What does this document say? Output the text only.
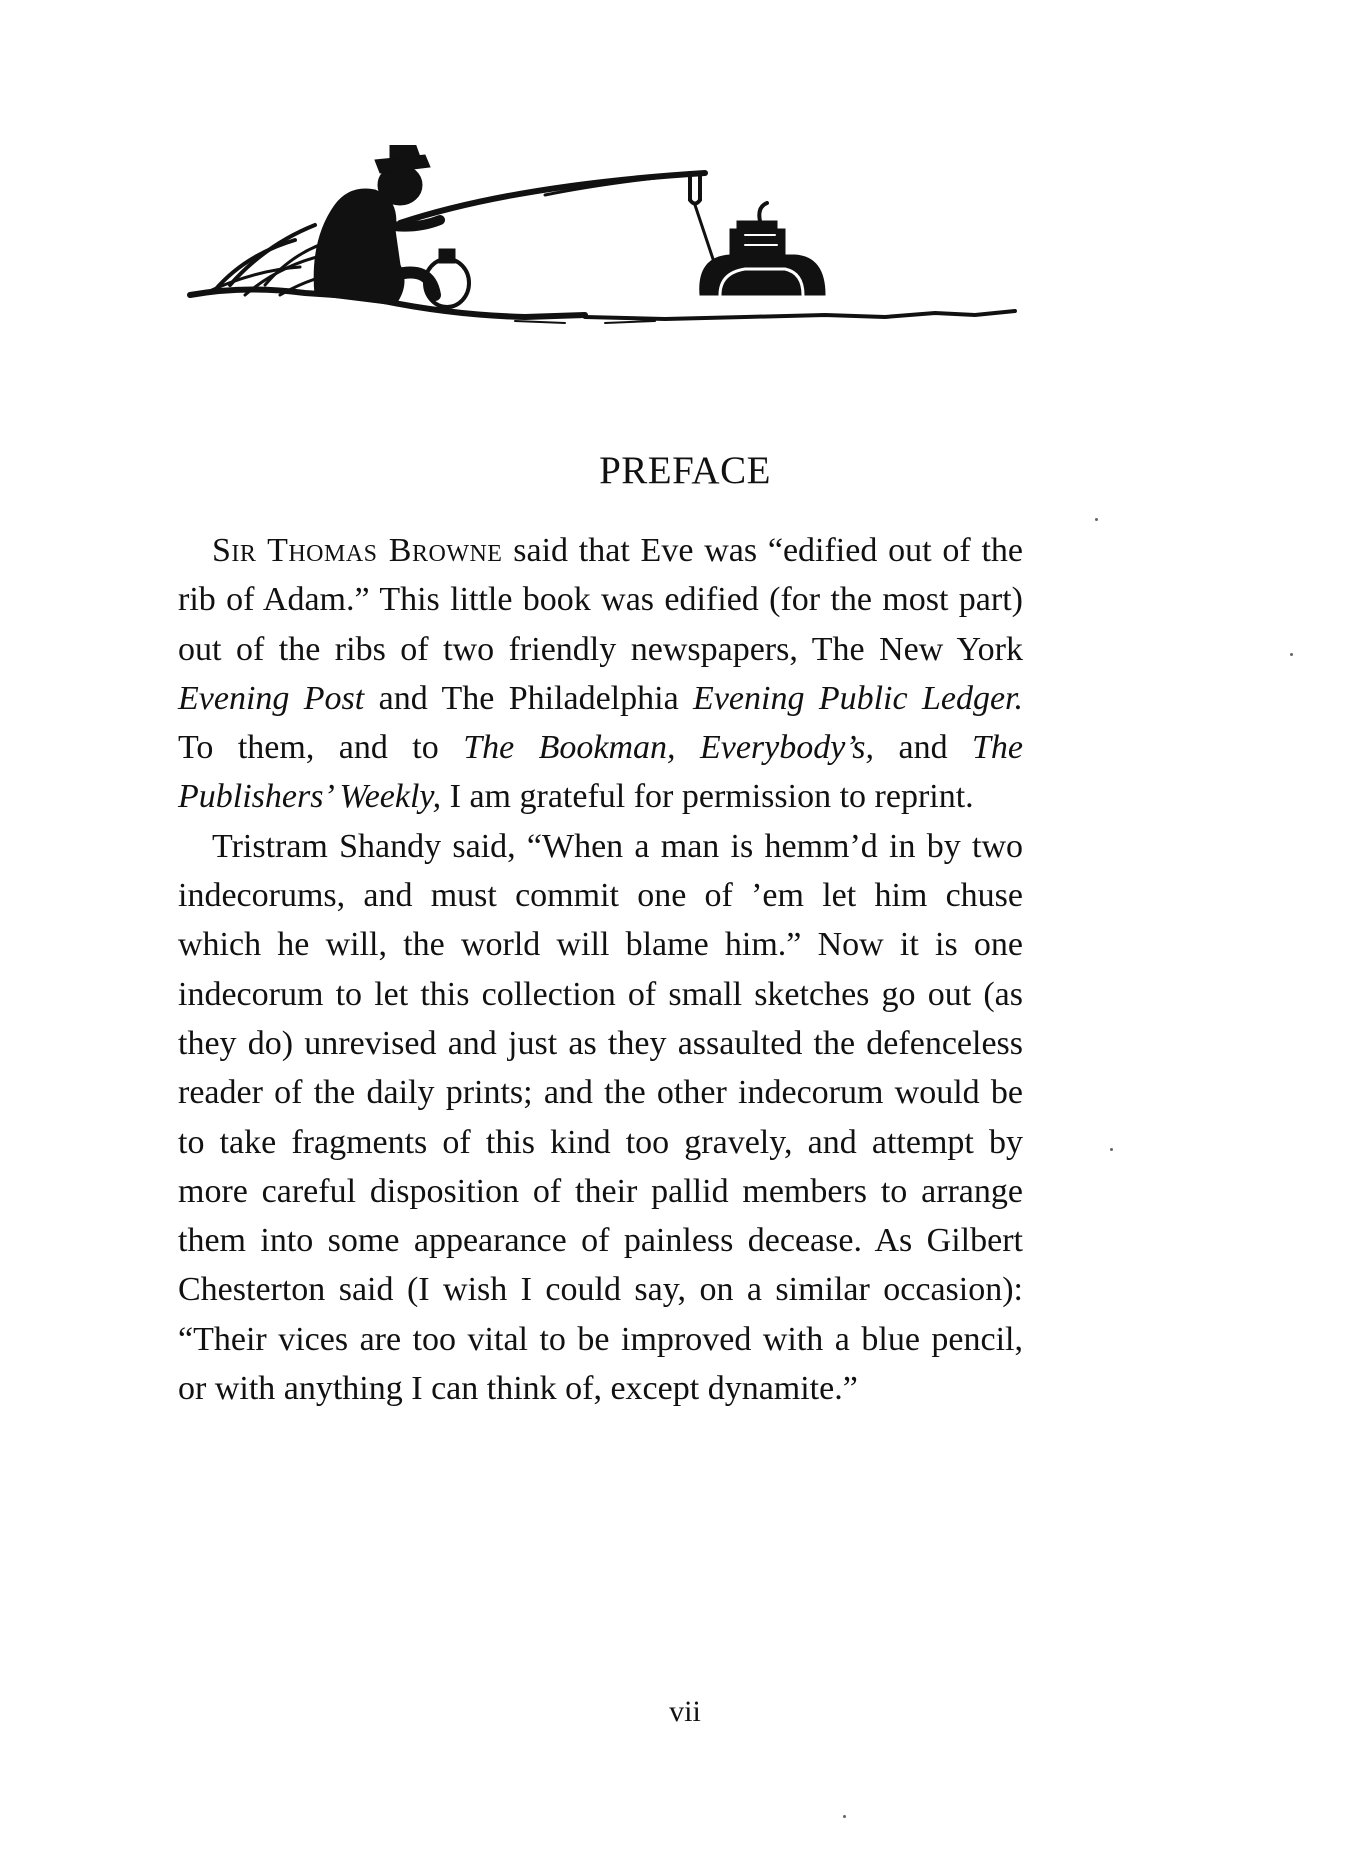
PREFACE

Sir Thomas Browne said that Eve was “edified out of the rib of Adam.” This little book was edified (for the most part) out of the ribs of two friendly newspapers, The New York Evening Post and The Philadelphia Evening Public Ledger. To them, and to The Bookman, Everybody’s, and The Publishers’ Weekly, I am grateful for permission to reprint.

Tristram Shandy said, “When a man is hemm’d in by two indecorums, and must commit one of ’em let him chuse which he will, the world will blame him.” Now it is one indecorum to let this collection of small sketches go out (as they do) unrevised and just as they assaulted the defenceless reader of the daily prints; and the other indecorum would be to take fragments of this kind too gravely, and attempt by more careful disposition of their pallid members to arrange them into some appearance of painless decease. As Gilbert Chesterton said (I wish I could say, on a similar occasion): “Their vices are too vital to be improved with a blue pencil, or with anything I can think of, except dynamite.”

vii
